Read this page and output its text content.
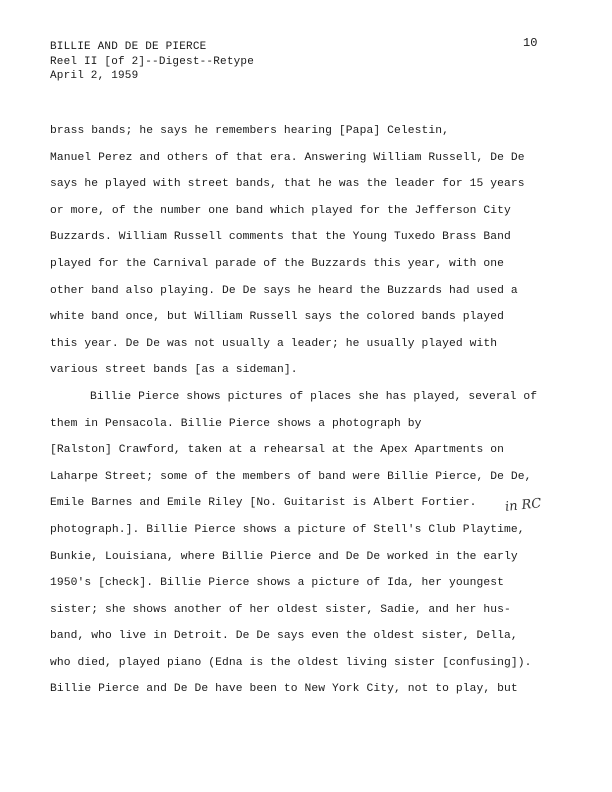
BILLIE AND DE DE PIERCE
Reel II [of 2]--Digest--Retype
April 2, 1959
10
brass bands; he says he remembers hearing [Papa] Celestin,
Manuel Perez and others of that era. Answering William Russell, De De
says he played with street bands, that he was the leader for 15 years
or more, of the number one band which played for the Jefferson City
Buzzards. William Russell comments that the Young Tuxedo Brass Band
played for the Carnival parade of the Buzzards this year, with one
other band also playing. De De says he heard the Buzzards had used a
white band once, but William Russell says the colored bands played
this year. De De was not usually a leader; he usually played with
various street bands [as a sideman].
Billie Pierce shows pictures of places she has played, several of
them in Pensacola. Billie Pierce shows a photograph by
[Ralston] Crawford, taken at a rehearsal at the Apex Apartments on
Laharpe Street; some of the members of band were Billie Pierce, De De,
Emile Barnes and Emile Riley [No. Guitarist is Albert Fortier.
photograph.]. Billie Pierce shows a picture of Stell's Club Playtime,
Bunkie, Louisiana, where Billie Pierce and De De worked in the early
1950's [check]. Billie Pierce shows a picture of Ida, her youngest
sister; she shows another of her oldest sister, Sadie, and her hus-
band, who live in Detroit. De De says even the oldest sister, Della,
who died, played piano (Edna is the oldest living sister [confusing]).
Billie Pierce and De De have been to New York City, not to play, but
in RC
